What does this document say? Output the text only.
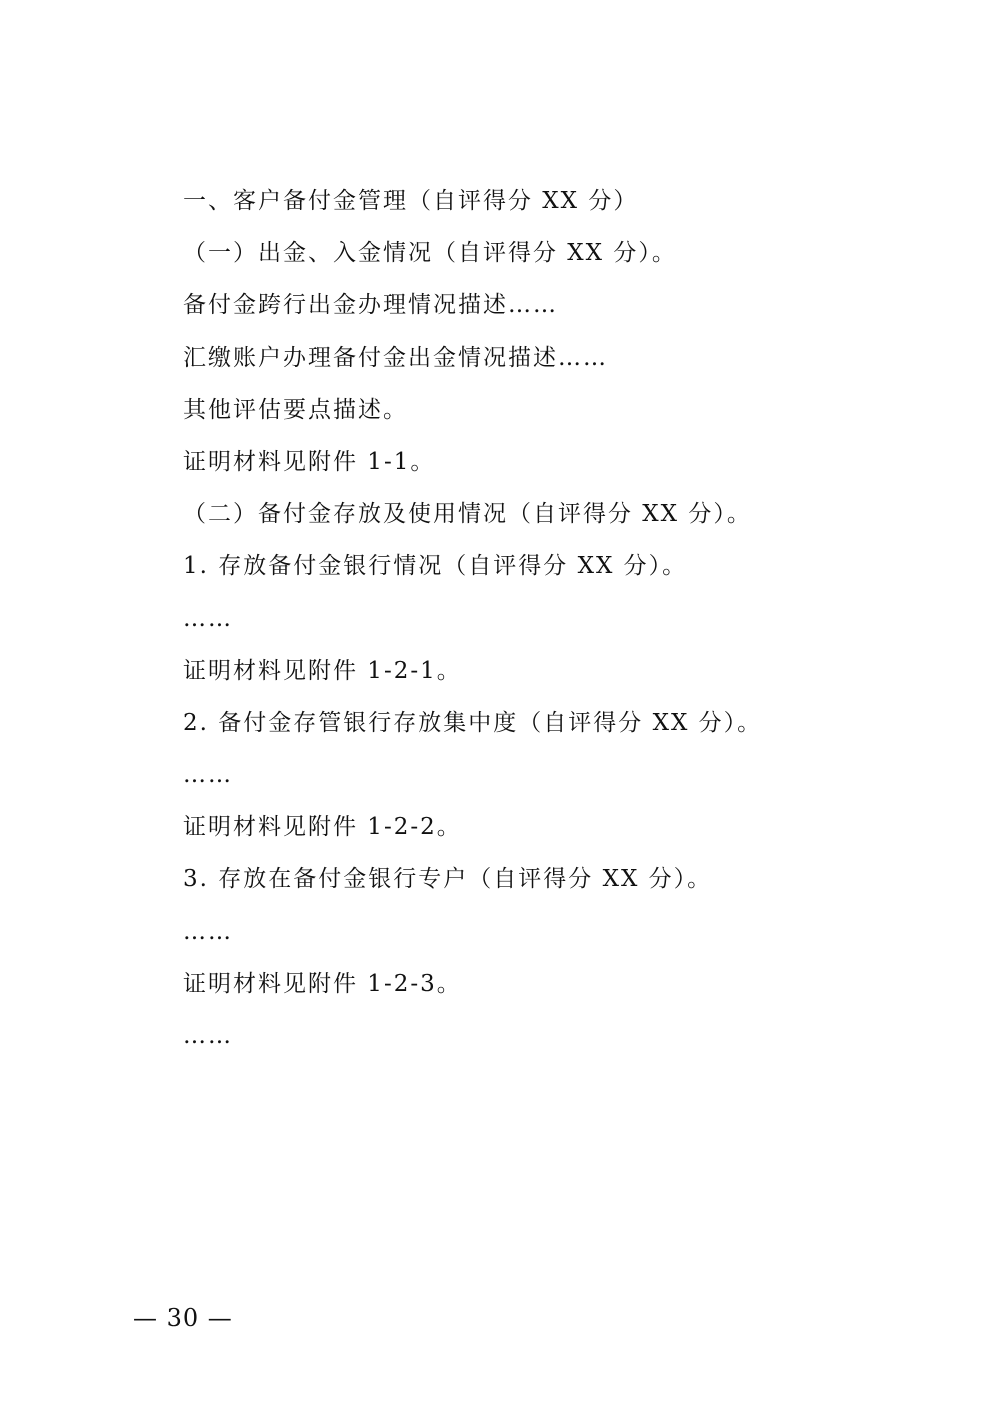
一、客户备付金管理（自评得分 XX 分）
（一）出金、入金情况（自评得分 XX 分）。
备付金跨行出金办理情况描述……
汇缴账户办理备付金出金情况描述……
其他评估要点描述。
证明材料见附件 1-1。
（二）备付金存放及使用情况（自评得分 XX 分）。
1. 存放备付金银行情况（自评得分 XX 分）。
……
证明材料见附件 1-2-1。
2. 备付金存管银行存放集中度（自评得分 XX 分）。
……
证明材料见附件 1-2-2。
3. 存放在备付金银行专户（自评得分 XX 分）。
……
证明材料见附件 1-2-3。
……
— 30 —
